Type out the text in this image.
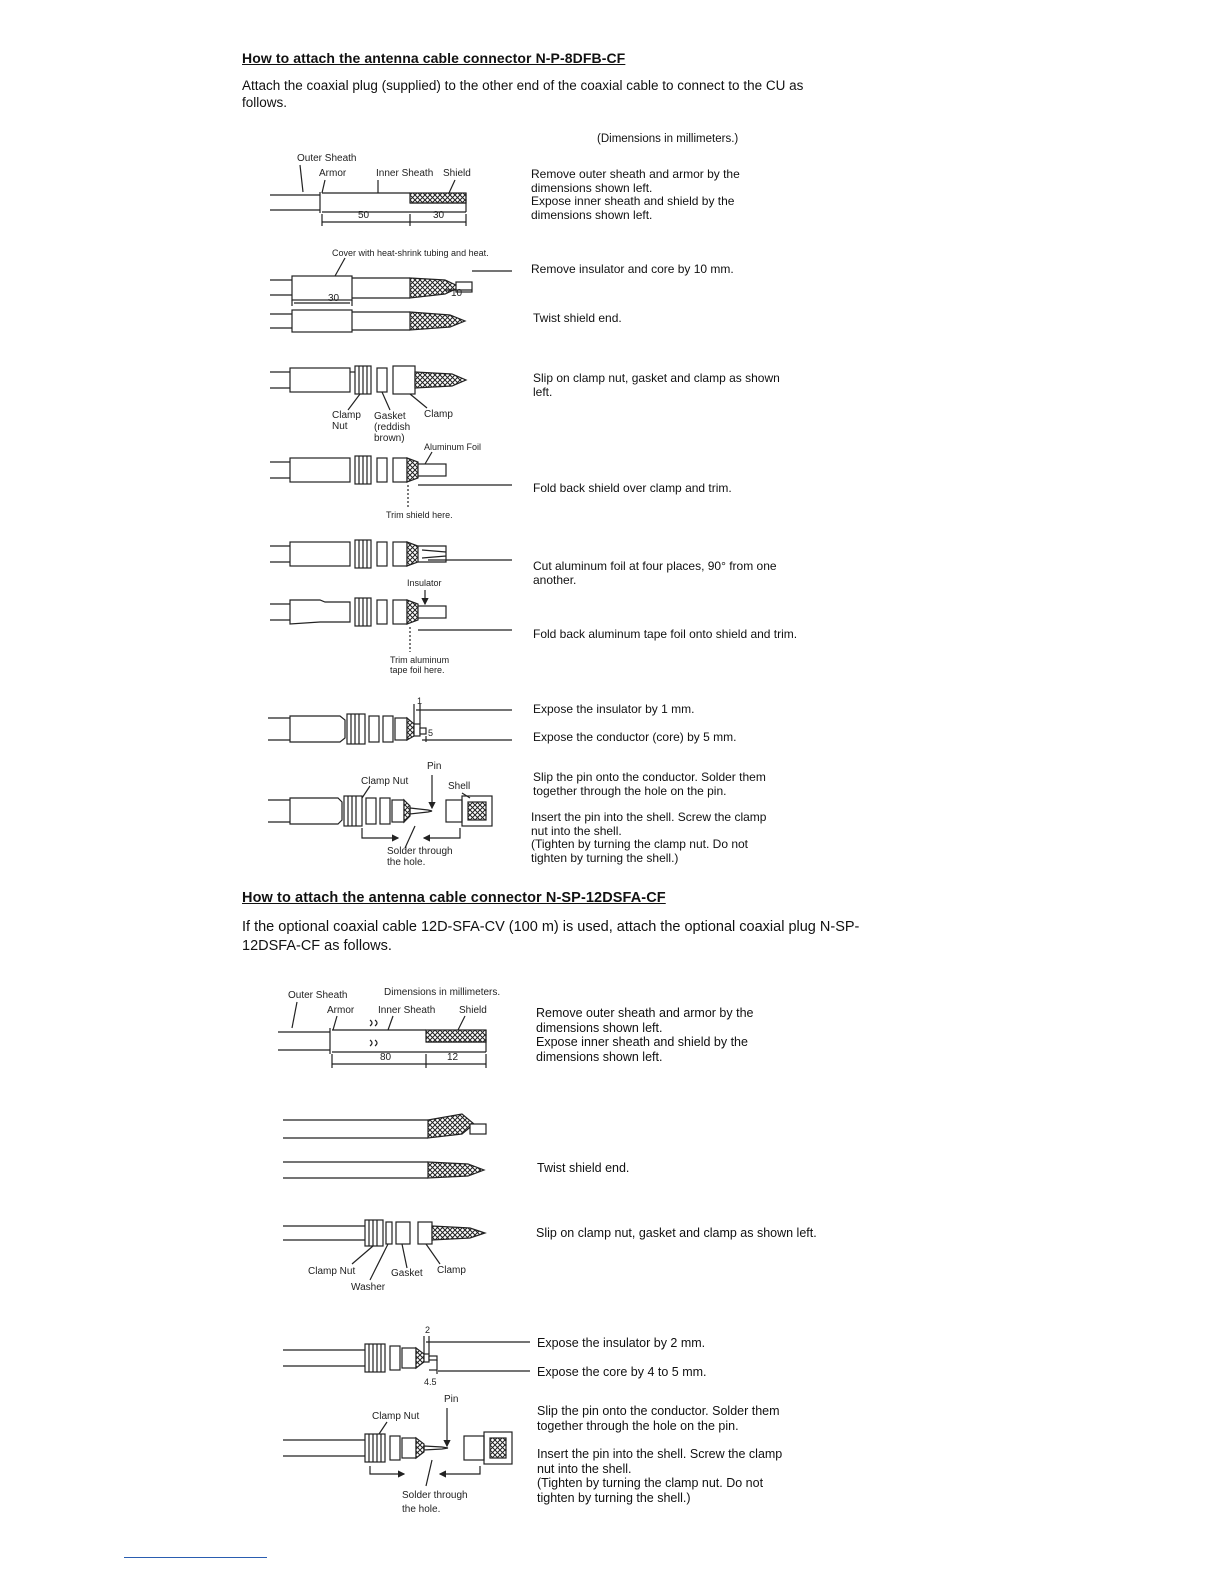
How to attach the antenna cable connector N-P-8DFB-CF

Attach the coaxial plug (supplied) to the other end of the coaxial cable to connect to the CU as follows.

(Dimensions in millimeters.)

Outer Sheath
Armor	Inner Sheath Shield
50	30
Cover with heat-shrink tubing and heat.
30	10
Clamp
Nut
Gasket
(reddish
brown)
Clamp
Aluminum Foil
Trim shield here.
Insulator
Trim aluminum
tape foil here.
1
5
Pin
Clamp Nut	Shell
Solder through
the hole.

Remove outer sheath and armor by the dimensions shown left.
Expose inner sheath and shield by the dimensions shown left.

Remove insulator and core by 10 mm.

Twist shield end.

Slip on clamp nut, gasket and clamp as shown left.

Fold back shield over clamp and trim.

Cut aluminum foil at four places, 90° from one another.

Fold back aluminum tape foil onto shield and trim.

Expose the insulator by 1 mm.

Expose the conductor (core) by 5 mm.

Slip the pin onto the conductor. Solder them together through the hole on the pin.

Insert the pin into the shell. Screw the clamp nut into the shell.
(Tighten by turning the clamp nut. Do not tighten by turning the shell.)

How to attach the antenna cable connector N-SP-12DSFA-CF

If the optional coaxial cable 12D-SFA-CV (100 m) is used, attach the optional coaxial plug N-SP-12DSFA-CF as follows.

Outer Sheath	Dimensions in millimeters.
Armor Inner Sheath Shield
80	12
Clamp Nut	Gasket Clamp
Washer
2
4.5
Pin
Clamp Nut
Solder through
the hole.

Remove outer sheath and armor by the dimensions shown left.
Expose inner sheath and shield by the dimensions shown left.

Twist shield end.

Slip on clamp nut, gasket and clamp as shown left.

Expose the insulator by 2 mm.

Expose the core by 4 to 5 mm.

Slip the pin onto the conductor. Solder them together through the hole on the pin.

Insert the pin into the shell. Screw the clamp nut into the shell.
(Tighten by turning the clamp nut. Do not tighten by turning the shell.)
